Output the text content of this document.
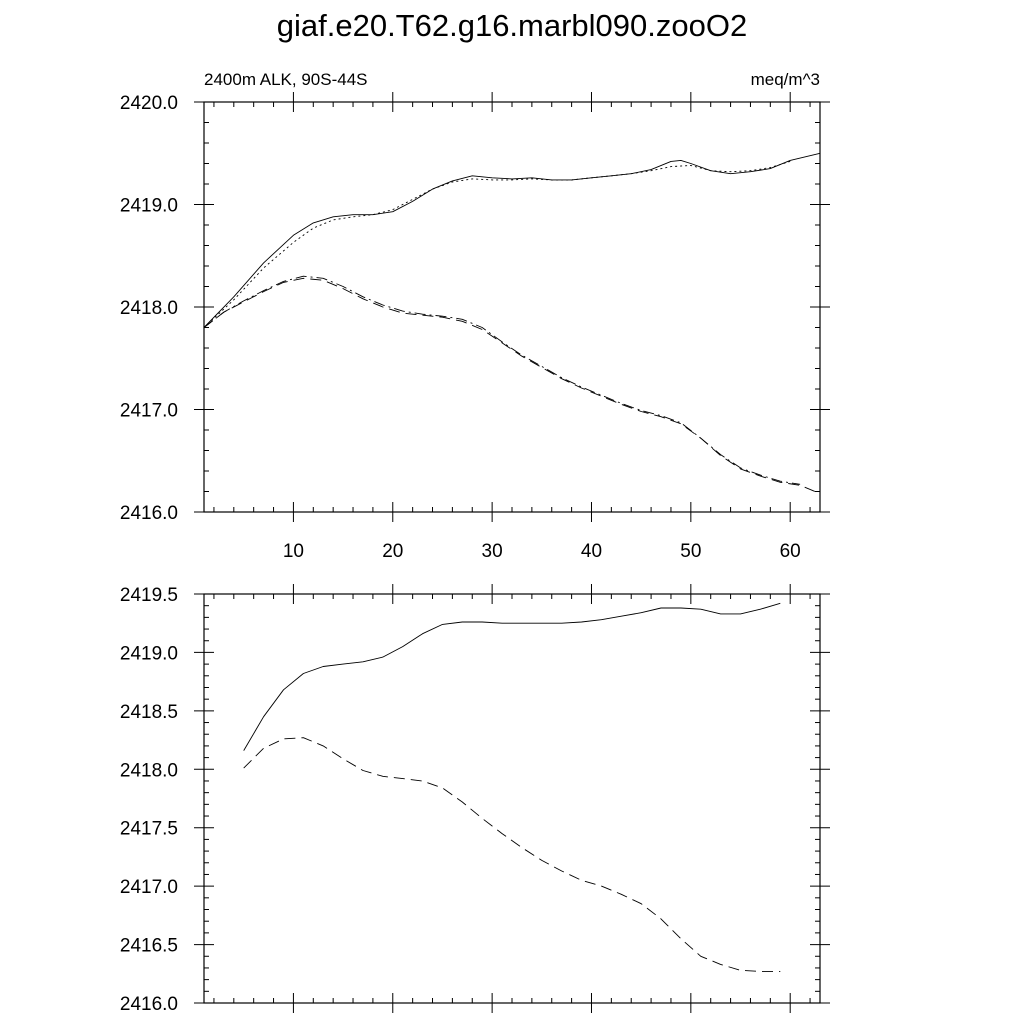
giaf.e20.T62.g16.marbl090.zooO2
10	20	30	40	50	60
2416.0
2417.0
2418.0
2419.0
2420.0
2400m ALK, 90S-44S	meq/m^3
2416.0
2416.5
2417.0
2417.5
2418.0
2418.5
2419.0
2419.5
